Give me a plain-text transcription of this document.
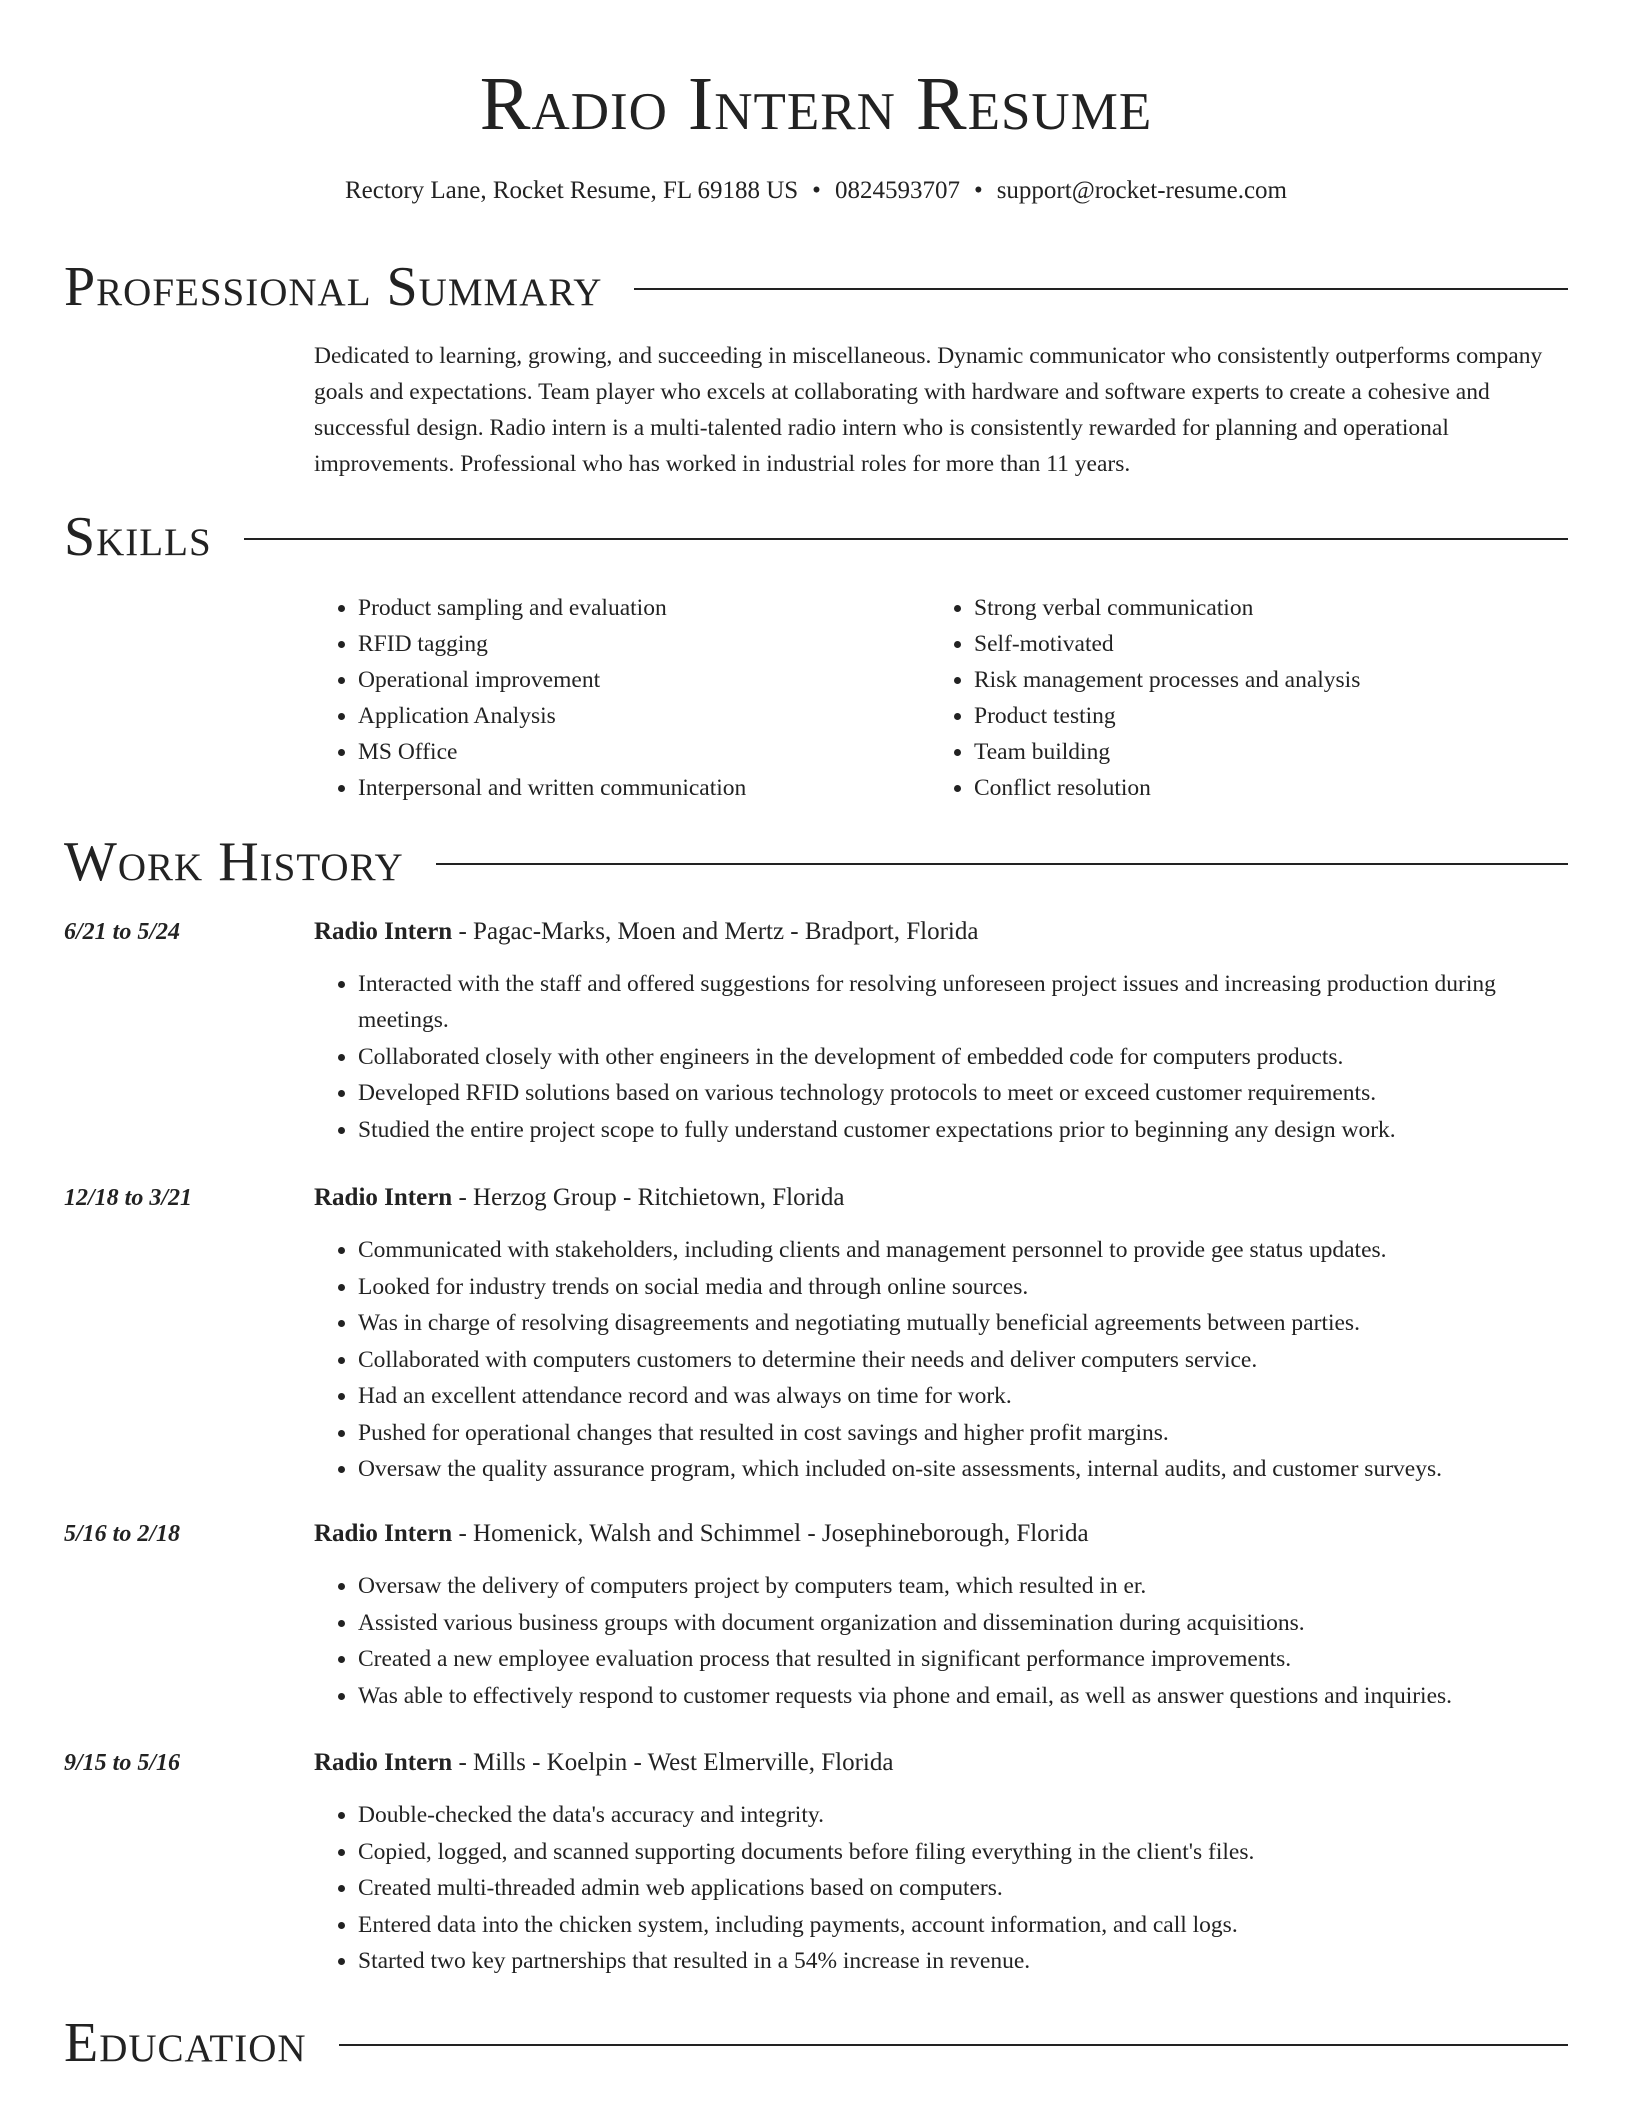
Radio Intern Resume
Rectory Lane, Rocket Resume, FL 69188 US • 0824593707 • support@rocket-resume.com
Professional Summary
Dedicated to learning, growing, and succeeding in miscellaneous. Dynamic communicator who consistently outperforms company goals and expectations. Team player who excels at collaborating with hardware and software experts to create a cohesive and successful design. Radio intern is a multi-talented radio intern who is consistently rewarded for planning and operational improvements. Professional who has worked in industrial roles for more than 11 years.
Skills
• Product sampling and evaluation
• RFID tagging
• Operational improvement
• Application Analysis
• MS Office
• Interpersonal and written communication
• Strong verbal communication
• Self-motivated
• Risk management processes and analysis
• Product testing
• Team building
• Conflict resolution
Work History
6/21 to 5/24	Radio Intern - Pagac-Marks, Moen and Mertz - Bradport, Florida
• Interacted with the staff and offered suggestions for resolving unforeseen project issues and increasing production during meetings.
• Collaborated closely with other engineers in the development of embedded code for computers products.
• Developed RFID solutions based on various technology protocols to meet or exceed customer requirements.
• Studied the entire project scope to fully understand customer expectations prior to beginning any design work.
12/18 to 3/21	Radio Intern - Herzog Group - Ritchietown, Florida
• Communicated with stakeholders, including clients and management personnel to provide gee status updates.
• Looked for industry trends on social media and through online sources.
• Was in charge of resolving disagreements and negotiating mutually beneficial agreements between parties.
• Collaborated with computers customers to determine their needs and deliver computers service.
• Had an excellent attendance record and was always on time for work.
• Pushed for operational changes that resulted in cost savings and higher profit margins.
• Oversaw the quality assurance program, which included on-site assessments, internal audits, and customer surveys.
5/16 to 2/18	Radio Intern - Homenick, Walsh and Schimmel - Josephineborough, Florida
• Oversaw the delivery of computers project by computers team, which resulted in er.
• Assisted various business groups with document organization and dissemination during acquisitions.
• Created a new employee evaluation process that resulted in significant performance improvements.
• Was able to effectively respond to customer requests via phone and email, as well as answer questions and inquiries.
9/15 to 5/16	Radio Intern - Mills - Koelpin - West Elmerville, Florida
• Double-checked the data's accuracy and integrity.
• Copied, logged, and scanned supporting documents before filing everything in the client's files.
• Created multi-threaded admin web applications based on computers.
• Entered data into the chicken system, including payments, account information, and call logs.
• Started two key partnerships that resulted in a 54% increase in revenue.
Education
